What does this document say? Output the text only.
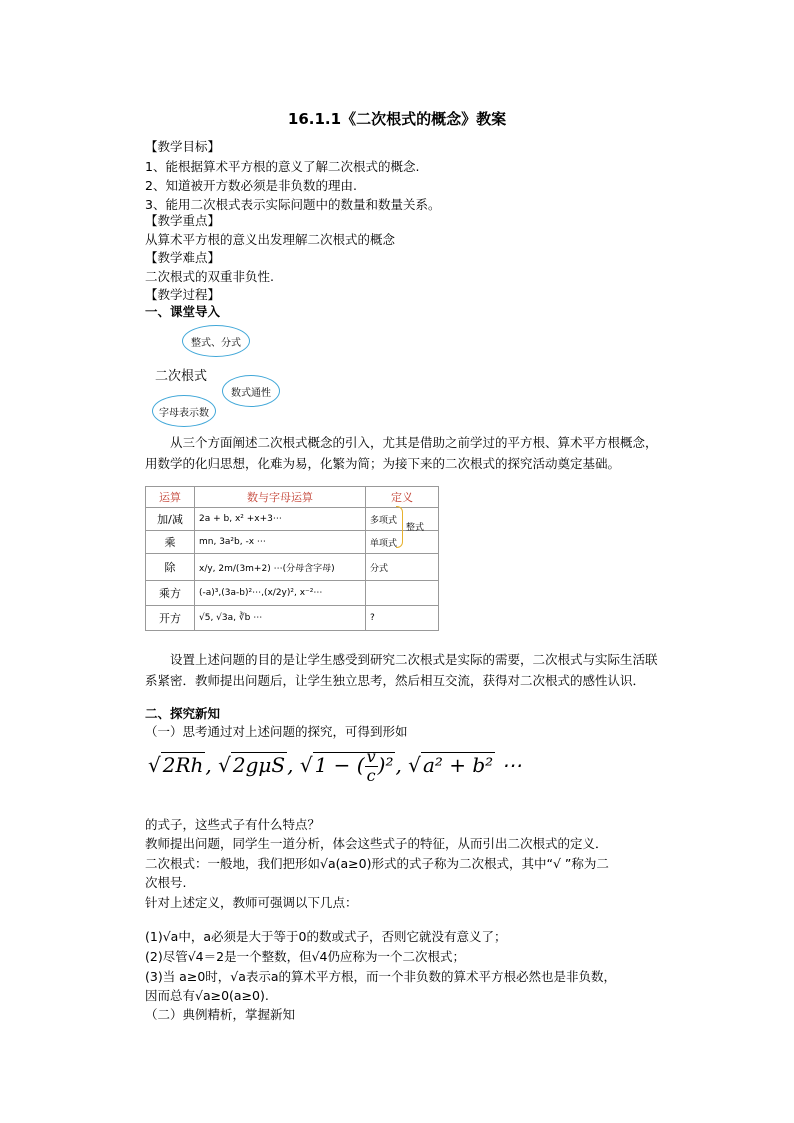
16.1.1《二次根式的概念》教案
【教学目标】
1、能根据算术平方根的意义了解二次根式的概念.
2、知道被开方数必须是非负数的理由.
3、能用二次根式表示实际问题中的数量和数量关系。
【教学重点】
从算术平方根的意义出发理解二次根式的概念
【教学难点】
二次根式的双重非负性.
【教学过程】
一、课堂导入
整式、分式
二次根式
数式通性
字母表示数
从三个方面阐述二次根式概念的引入，尤其是借助之前学过的平方根、算术平方根概念，用数学的化归思想，化难为易，化繁为简；为接下来的二次根式的探究活动奠定基础。
运算	数与字母运算	定义
加/减	2a + b, x² +x+3⋯	多项式
乘	mn, 3a²b, -x ⋯	单项式
除	x/y, 2m/(3m+2) ⋯(分母含字母)	分式
乘方	(-a)³,(3a-b)²⋯,(x/2y)², x⁻²⋯	
开方	√5, √3a, ∛b ⋯	?
整式
设置上述问题的目的是让学生感受到研究二次根式是实际的需要，二次根式与实际生活联系紧密．教师提出问题后，让学生独立思考，然后相互交流，获得对二次根式的感性认识．
二、探究新知
（一）思考通过对上述问题的探究，可得到形如
√ 2Rh , √ 2gμS , √ 1 − ( $\frac{v}{c} )^2$ , √ a² + b² ⋯
的式子，这些式子有什么特点？
教师提出问题，同学生一道分析，体会这些式子的特征，从而引出二次根式的定义．
二次根式：一般地，我们把形如√a(a≥0)形式的式子称为二次根式，其中“√ ”称为二
次根号.
针对上述定义，教师可强调以下几点：
(1)√a中，a必须是大于等于0的数或式子，否则它就没有意义了；
(2)尽管√4＝2是一个整数，但√4仍应称为一个二次根式；
(3)当 a≥0时，√a表示a的算术平方根，而一个非负数的算术平方根必然也是非负数，
因而总有√a≥0(a≥0).
（二）典例精析，掌握新知
